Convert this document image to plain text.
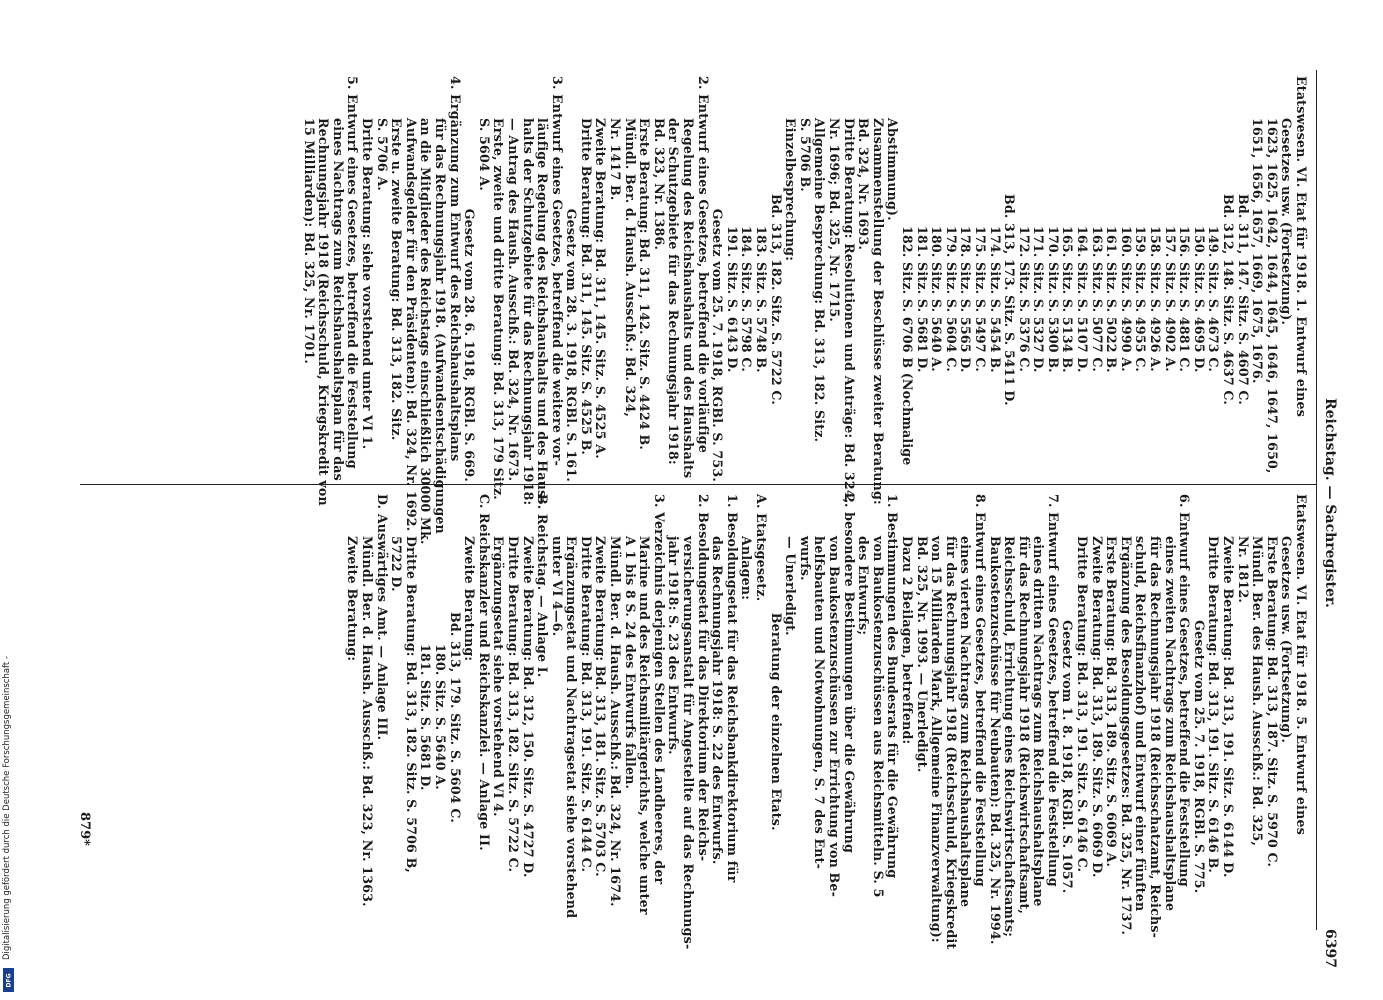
Reichstag. — Sachregister.
6397

Etatswesen. VI. Etat für 1918. 1. Entwurf eines

Gesetzes usw. (Fortsetzung).

1623, 1625, 1642, 1644, 1645, 1646, 1647, 1650,

1651, 1656, 1657, 1669, 1675, 1676.

Bd. 311, 147. Sitz. S. 4607 C.

Bd. 312, 148. Sitz. S. 4637 C.

149. Sitz. S. 4673 C.

150. Sitz. S. 4695 D.

156. Sitz. S. 4881 C.

157. Sitz. S. 4902 A.

158. Sitz. S. 4926 A.

159. Sitz. S. 4955 C.

160. Sitz. S. 4990 A.

161. Sitz. S. 5022 B.

163. Sitz. S. 5077 C.

164. Sitz. S. 5107 D.

165. Sitz. S. 5134 B.

170. Sitz. S. 5300 B.

171. Sitz. S. 5327 D.

172. Sitz. S. 5376 C.

Bd. 313, 173. Sitz. S. 5411 D.

174. Sitz. S. 5454 B.

175. Sitz. S. 5497 C.

178. Sitz. S. 5565 D.

179. Sitz. S. 5604 C.

180. Sitz. S. 5640 A.

181. Sitz. S. 5681 D.

182. Sitz. S. 6706 B (Nochmalige

Abstimmung).

Zusammenstellung der Beschlüsse zweiter Beratung:

Bd. 324, Nr. 1693.

Dritte Beratung: Resolutionen und Anträge: Bd. 324,

Nr. 1696; Bd. 325, Nr. 1715.

Allgemeine Besprechung: Bd. 313, 182. Sitz.

S. 5706 B.

Einzelbesprechung:

Bd. 313, 182. Sitz. S. 5722 C.

183. Sitz. S. 5748 B.

184. Sitz. S. 5798 C.

191. Sitz. S. 6143 D.

Gesetz vom 25. 7. 1918, RGBl. S. 753.

2. Entwurf eines Gesetzes, betreffend die vorläufige

Regelung des Reichshaushalts und des Haushalts

der Schutzgebiete für das Rechnungsjahr 1918:

Bd. 323, Nr. 1386.

Erste Beratung: Bd. 311, 142. Sitz. S. 4424 B.

Mündl. Ber. d. Haush. Ausschß.: Bd. 324,

Nr. 1417 B.

Zweite Beratung: Bd. 311, 145. Sitz. S. 4525 A.

Dritte Beratung: Bd. 311, 145. Sitz. S. 4525 B.

Gesetz vom 28. 3. 1918, RGBl. S. 161.

3. Entwurf eines Gesetzes, betreffend die weitere vor-

läufige Regelung des Reichshaushalts und des Haus-

halts der Schutzgebiete für das Rechnungsjahr 1918:

— Antrag des Haush. Ausschß.: Bd. 324, Nr. 1673.

Erste, zweite und dritte Beratung: Bd. 313, 179 Sitz.

S. 5604 A.

Gesetz vom 28. 6. 1918, RGBl. S. 669.

4. Ergänzung zum Entwurf des Reichshaushaltsplans

für das Rechnungsjahr 1918. (Aufwandsentschädigungen

an die Mitglieder des Reichstags einschließlich 30000 Mk.

Aufwandsgelder für den Präsidenten): Bd. 324, Nr. 1692.

Erste u. zweite Beratung: Bd. 313, 182. Sitz.

S. 5706 A.

Dritte Beratung: siehe vorstehend unter VI 1.

5. Entwurf eines Gesetzes, betreffend die Feststellung

eines Nachtrags zum Reichshaushaltsplan für das

Rechnungsjahr 1918 (Reichsschuld, Kriegskredit von

15 Milliarden): Bd. 325, Nr. 1701.

Etatswesen. VI. Etat für 1918. 5. Entwurf eines

Gesetzes usw. (Fortsetzung).

Erste Beratung: Bd. 313, 187. Sitz. S. 5970 C.

Mündl. Ber. des Haush. Ausschß.: Bd. 325,

Nr. 1812.

Zweite Beratung: Bd. 313, 191. Sitz. S. 6144 D.

Dritte Beratung: Bd. 313, 191. Sitz. S. 6146 B.

Gesetz vom 25. 7. 1918, RGBl. S. 775.

6. Entwurf eines Gesetzes, betreffend die Feststellung

eines zweiten Nachtrags zum Reichshaushaltsplane

für das Rechnungsjahr 1918 (Reichsschatzamt, Reichs-

schuld, Reichsfinanzhof) und Entwurf einer fünften

Ergänzung des Besoldungsgesetzes: Bd. 325, Nr. 1737.

Erste Beratung: Bd. 313, 189. Sitz. S. 6069 A.

Zweite Beratung: Bd. 313, 189. Sitz. S. 6069 D.

Dritte Beratung: Bd. 313, 191. Sitz. S. 6146 C.

Gesetz vom 1. 8. 1918, RGBl. S. 1057.

7. Entwurf eines Gesetzes, betreffend die Feststellung

eines dritten Nachtrags zum Reichshaushaltsplane

für das Rechnungsjahr 1918 (Reichswirtschaftsamt,

Reichsschuld, Errichtung eines Reichswirtschaftsamts;

Baukostenzuschüsse für Neubauten): Bd. 325, Nr. 1994.

8. Entwurf eines Gesetzes, betreffend die Feststellung

eines vierten Nachtrags zum Reichshaushaltsplane

für das Rechnungsjahr 1918 (Reichsschuld, Kriegskredit

von 15 Milliarden Mark, Allgemeine Finanzverwaltung):

Bd. 325, Nr. 1993. — Unerledigt.

Dazu 2 Beilagen, betreffend:

1. Bestimmungen des Bundesrats für die Gewährung

von Baukostenzuschüssen aus Reichsmitteln. S. 5

des Entwurfs;

2. besondere Bestimmungen über die Gewährung

von Baukostenzuschüssen zur Errichtung von Be-

helfsbauten und Notwohnungen, S. 7 des Ent-

wurfs.

— Unerledigt.

Beratung der einzelnen Etats.

A. Etatsgesetz.

Anlagen:

1. Besoldungsetat für das Reichsbankdirektorium für

das Rechnungsjahr 1918: S. 22 des Entwurfs.

2. Besoldungsetat für das Direktorium der Reichs-

versicherungsanstalt für Angestellte auf das Rechnungs-

jahr 1918: S. 23 des Entwurfs.

3. Verzeichnis derjenigen Stellen des Landheeres, der

Marine und des Reichsmilitärgerichts, welche unter

A 1 bis 8 S. 24 des Entwurfs fallen.

Mündl. Ber. d. Haush. Ausschß.: Bd. 324, Nr. 1674.

Zweite Beratung: Bd. 313, 181. Sitz. S. 5703 C.

Dritte Beratung: Bd. 313, 191. Sitz. S. 6144 C.

Ergänzungsetat und Nachtragsetat siehe vorstehend

unter VI 4—6.

B. Reichstag. — Anlage I.

Zweite Beratung: Bd. 312, 150. Sitz. S. 4727 D.

Dritte Beratung: Bd. 313, 182. Sitz. S. 5722 C.

Ergänzungsetat siehe vorstehend VI 4.

C. Reichskanzler und Reichskanzlei. — Anlage II.

Zweite Beratung:

Bd. 313, 179. Sitz. S. 5604 C.

180. Sitz. S. 5640 A.

181. Sitz. S. 5681 D.

Dritte Beratung: Bd. 313, 182. Sitz. S. 5706 B,

5722 D.

D. Auswärtiges Amt. — Anlage III.

Mündl. Ber. d. Haush. Ausschß.: Bd. 323, Nr. 1363.

Zweite Beratung:

879*
Digitalisierung gefördert durch die Deutsche Forschungsgemeinschaft -
DFG
